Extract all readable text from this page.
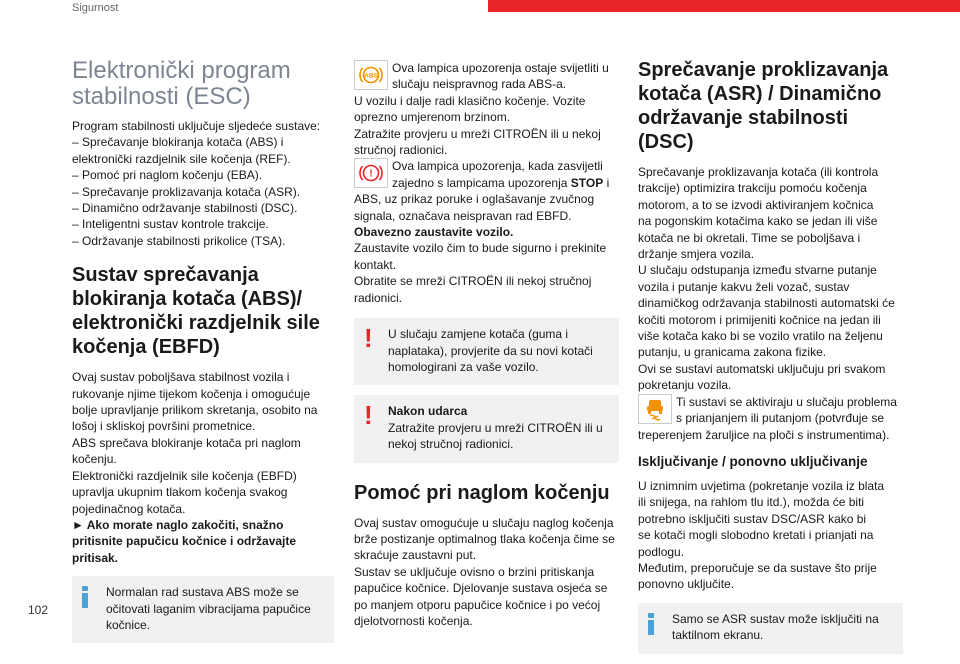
Sigurnost
102
Elektronički program
stabilnosti (ESC)

Program stabilnosti uključuje sljedeće sustave:

– Sprečavanje blokiranja kotača (ABS) i
elektronički razdjelnik sile kočenja (REF).
– Pomoć pri naglom kočenju (EBA).
– Sprečavanje proklizavanja kotača (ASR).
– Dinamično održavanje stabilnosti (DSC).
– Inteligentni sustav kontrole trakcije.
– Održavanje stabilnosti prikolice (TSA).
Sustav sprečavanja blokiranja kotača (ABS)/ elektronički razdjelnik sile kočenja (EBFD)
Ovaj sustav poboljšava stabilnost vozila i
rukovanje njime tijekom kočenja i omogućuje
bolje upravljanje prilikom skretanja, osobito na
lošoj i skliskoj površini prometnice.
ABS sprečava blokiranje kotača pri naglom
kočenju.
Elektronički razdjelnik sile kočenja (EBFD)
upravlja ukupnim tlakom kočenja svakog
pojedinačnog kotača.

► Ako morate naglo zakočiti, snažno pritisnite papučicu kočnice i održavajte pritisak.

Normalan rad sustava ABS može se očitovati laganim vibracijama papučice kočnice.
ABS

Ova lampica upozorenja ostaje svijetliti u slučaju neispravnog rada ABS-a.

U vozilu i dalje radi klasično kočenje. Vozite
oprezno umjerenom brzinom.
Zatražite provjeru u mreži CITROËN ili u nekoj
stručnoj radionici.
!

Ova lampica upozorenja, kada zasvijetli zajedno s lampicama upozorenja STOP i

ABS, uz prikaz poruke i oglašavanje zvučnog
signala, označava neispravan rad EBFD.

Obavezno zaustavite vozilo.

Zaustavite vozilo čim to bude sigurno i prekinite
kontakt.
Obratite se mreži CITROËN ili nekoj stručnoj
radionici.
!	U slučaju zamjene kotača (guma i naplataka), provjerite da su novi kotači homologirani za vaše vozilo.
! Nakon udarca
Zatražite provjeru u mreži CITROËN ili u nekoj stručnoj radionici.
Pomoć pri naglom kočenju
Ovaj sustav omogućuje u slučaju naglog kočenja
brže postizanje optimalnog tlaka kočenja čime se
skraćuje zaustavni put.
Sustav se uključuje ovisno o brzini pritiskanja
papučice kočnice. Djelovanje sustava osjeća se
po manjem otporu papučice kočnice i po većoj
djelotvornosti kočenja.
Sprečavanje proklizavanja kotača (ASR) / Dinamično održavanje stabilnosti (DSC)
Sprečavanje proklizavanja kotača (ili kontrola
trakcije) optimizira trakciju pomoću kočenja
motorom, a to se izvodi aktiviranjem kočnica
na pogonskim kotačima kako se jedan ili više
kotača ne bi okretali. Time se poboljšava i
držanje smjera vozila.
U slučaju odstupanja između stvarne putanje
vozila i putanje kakvu želi vozač, sustav
dinamičkog održavanja stabilnosti automatski će
kočiti motorom i primijeniti kočnice na jedan ili
više kotača kako bi se vozilo vratilo na željenu
putanju, u granicama zakona fizike.
Ovi se sustavi automatski uključuju pri svakom
pokretanju vozila.

Ti sustavi se aktiviraju u slučaju problema s prianjanjem ili putanjom (potvrđuje se

treperenjem žaruljice na ploči s instrumentima).

Isključivanje / ponovno uključivanje
U iznimnim uvjetima (pokretanje vozila iz blata
ili snijega, na rahlom tlu itd.), možda će biti
potrebno isključiti sustav DSC/ASR kako bi
se kotači mogli slobodno kretati i prianjati na
podlogu.
Međutim, preporučuje se da sustave što prije
ponovno uključite.
Samo se ASR sustav može isključiti na taktilnom ekranu.
